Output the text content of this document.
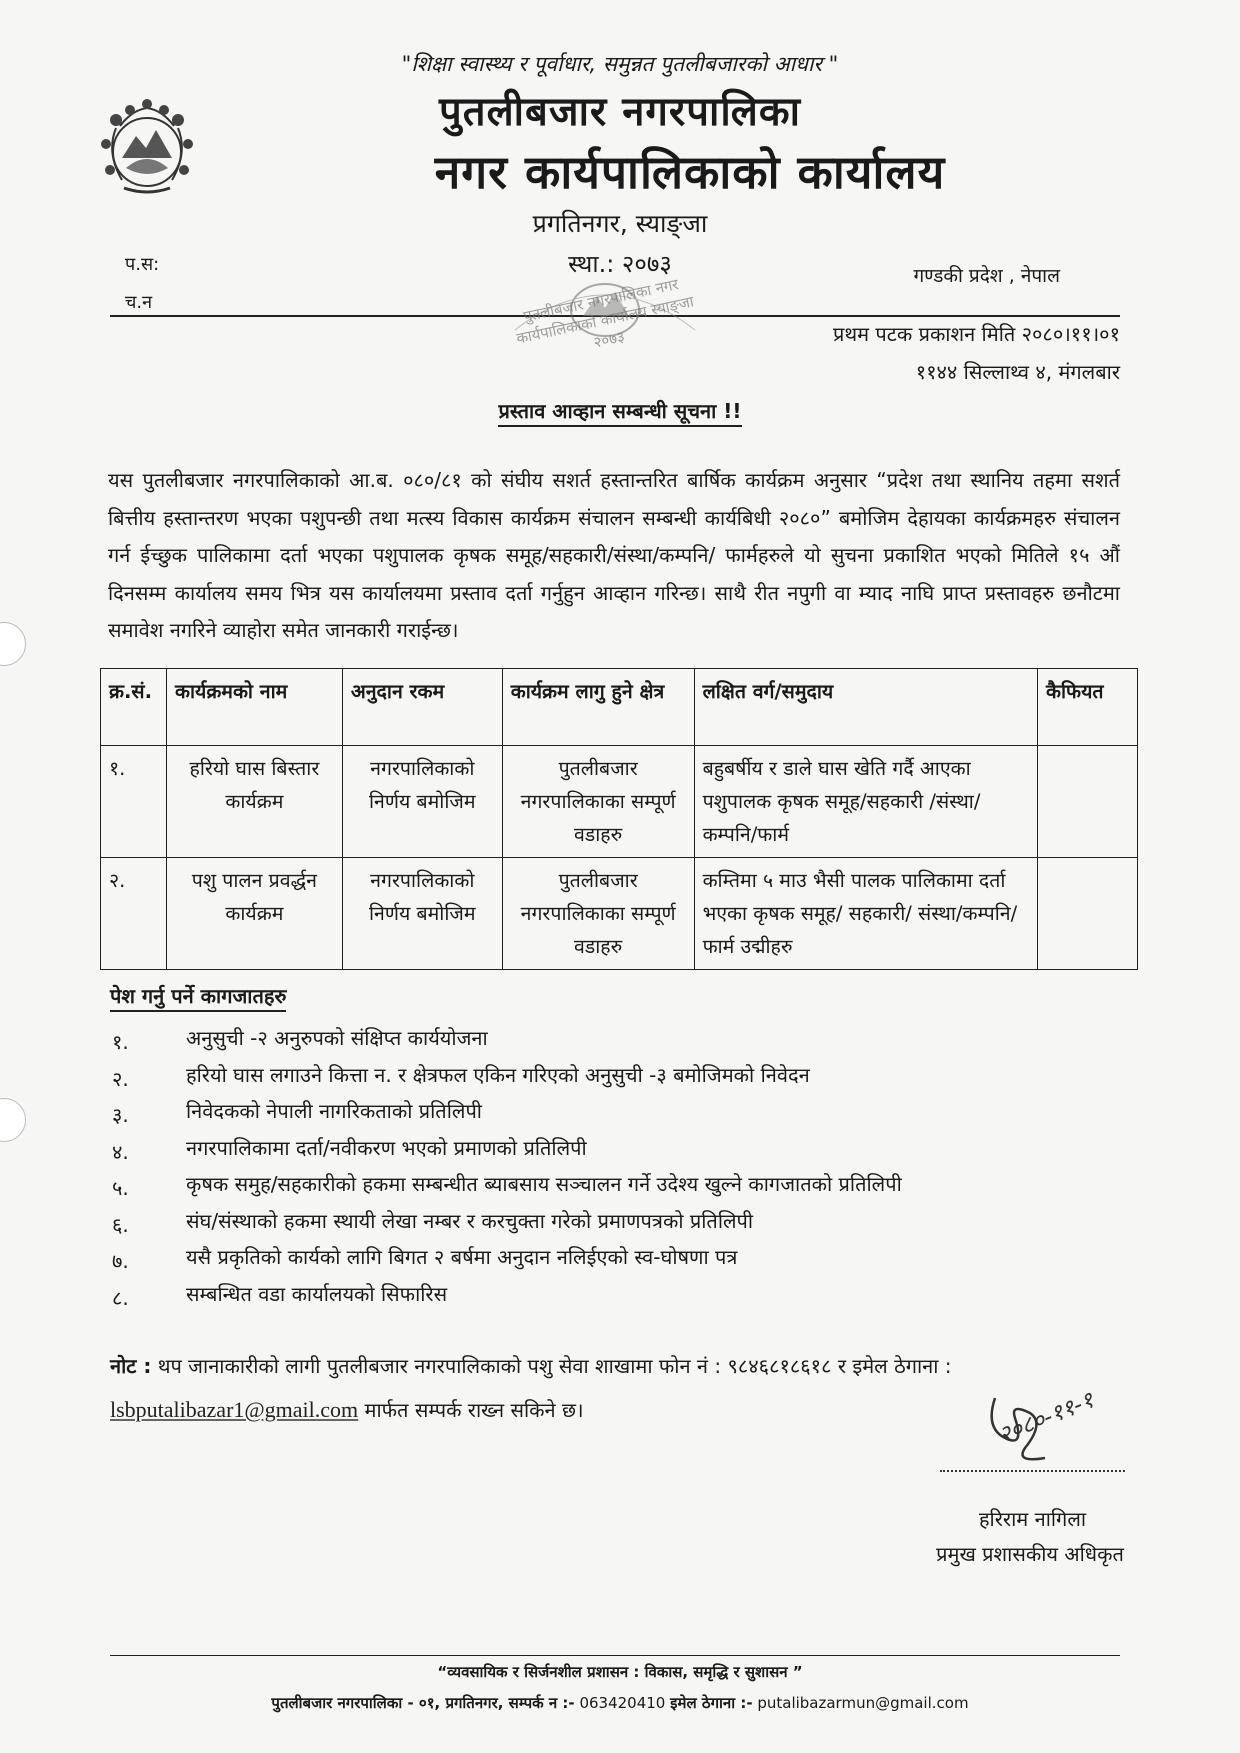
"शिक्षा स्वास्थ्य र पूर्वाधार, समुन्नत पुतलीबजारको आधार "
पुतलीबजार नगरपालिका
नगर कार्यपालिकाको कार्यालय
प्रगतिनगर, स्याङ्जा
स्था.: २०७३
प.स:
च.न
गण्डकी प्रदेश , नेपाल
पुतलीबजार नगरपालिका नगर कार्यपालिकाको कार्यालय स्याङ्जा २०७३	प्रथम पटक प्रकाशन मिति २०८०।११।०१
११४४ सिल्लाथ्व ४, मंगलबार
प्रस्ताव आव्हान सम्बन्धी सूचना !!
यस पुतलीबजार नगरपालिकाको आ.ब. ०८०/८१ को संघीय सशर्त हस्तान्तरित बार्षिक कार्यक्रम अनुसार “प्रदेश तथा स्थानिय तहमा सशर्त बित्तीय हस्तान्तरण भएका पशुपन्छी तथा मत्स्य विकास कार्यक्रम संचालन सम्बन्धी कार्यबिधी २०८०” बमोजिम देहायका कार्यक्रमहरु संचालन गर्न ईच्छुक पालिकामा दर्ता भएका पशुपालक कृषक समूह/सहकारी/संस्था/कम्पनि/ फार्महरुले यो सुचना प्रकाशित भएको मितिले १५ औं दिनसम्म कार्यालय समय भित्र यस कार्यालयमा प्रस्ताव दर्ता गर्नुहुन आव्हान गरिन्छ। साथै रीत नपुगी वा म्याद नाघि प्राप्त प्रस्तावहरु छनौटमा समावेश नगरिने व्याहोरा समेत जानकारी गराईन्छ।
क्र.सं.	कार्यक्रमको नाम	अनुदान रकम	कार्यक्रम लागु हुने क्षेत्र	लक्षित वर्ग/समुदाय	कैफियत
१.	हरियो घास बिस्तार कार्यक्रम	नगरपालिकाको निर्णय बमोजिम	पुतलीबजार नगरपालिकाका सम्पूर्ण वडाहरु	बहुबर्षीय र डाले घास खेति गर्दै आएका पशुपालक कृषक समूह/सहकारी /संस्था/ कम्पनि/फार्म	
२.	पशु पालन प्रवर्द्धन कार्यक्रम	नगरपालिकाको निर्णय बमोजिम	पुतलीबजार नगरपालिकाका सम्पूर्ण वडाहरु	कम्तिमा ५ माउ भैसी पालक पालिकामा दर्ता भएका कृषक समूह/ सहकारी/ संस्था/कम्पनि/फार्म उद्मीहरु	
पेश गर्नु पर्ने कागजातहरु
१.	अनुसुची -२ अनुरुपको संक्षिप्त कार्ययोजना
२.	हरियो घास लगाउने कित्ता न. र क्षेत्रफल एकिन गरिएको अनुसुची -३ बमोजिमको निवेदन
३.	निवेदकको नेपाली नागरिकताको प्रतिलिपी
४.	नगरपालिकामा दर्ता/नवीकरण भएको प्रमाणको प्रतिलिपी
५.	कृषक समुह/सहकारीको हकमा सम्बन्धीत ब्याबसाय सञ्चालन गर्ने उदेश्य खुल्ने कागजातको प्रतिलिपी
६.	संघ/संस्थाको हकमा स्थायी लेखा नम्बर र करचुक्ता गरेको प्रमाणपत्रको प्रतिलिपी
७.	यसै प्रकृतिको कार्यको लागि बिगत २ बर्षमा अनुदान नलिईएको स्व-घोषणा पत्र
८.	सम्बन्धित वडा कार्यालयको सिफारिस
नोट : थप जानाकारीको लागी पुतलीबजार नगरपालिकाको पशु सेवा शाखामा फोन नं : ९८४६८१८६१८ र इमेल ठेगाना :
lsbputalibazar1@gmail.com मार्फत सम्पर्क राख्न सकिने छ।	२०८०-११-१
हरिराम नागिला
प्रमुख प्रशासकीय अधिकृत
“व्यवसायिक र सिर्जनशील प्रशासन : विकास, समृद्धि र सुशासन ”
पुतलीबजार नगरपालिका - ०१, प्रगतिनगर, सम्पर्क न :- 063420410 इमेल ठेगाना :- putalibazarmun@gmail.com
